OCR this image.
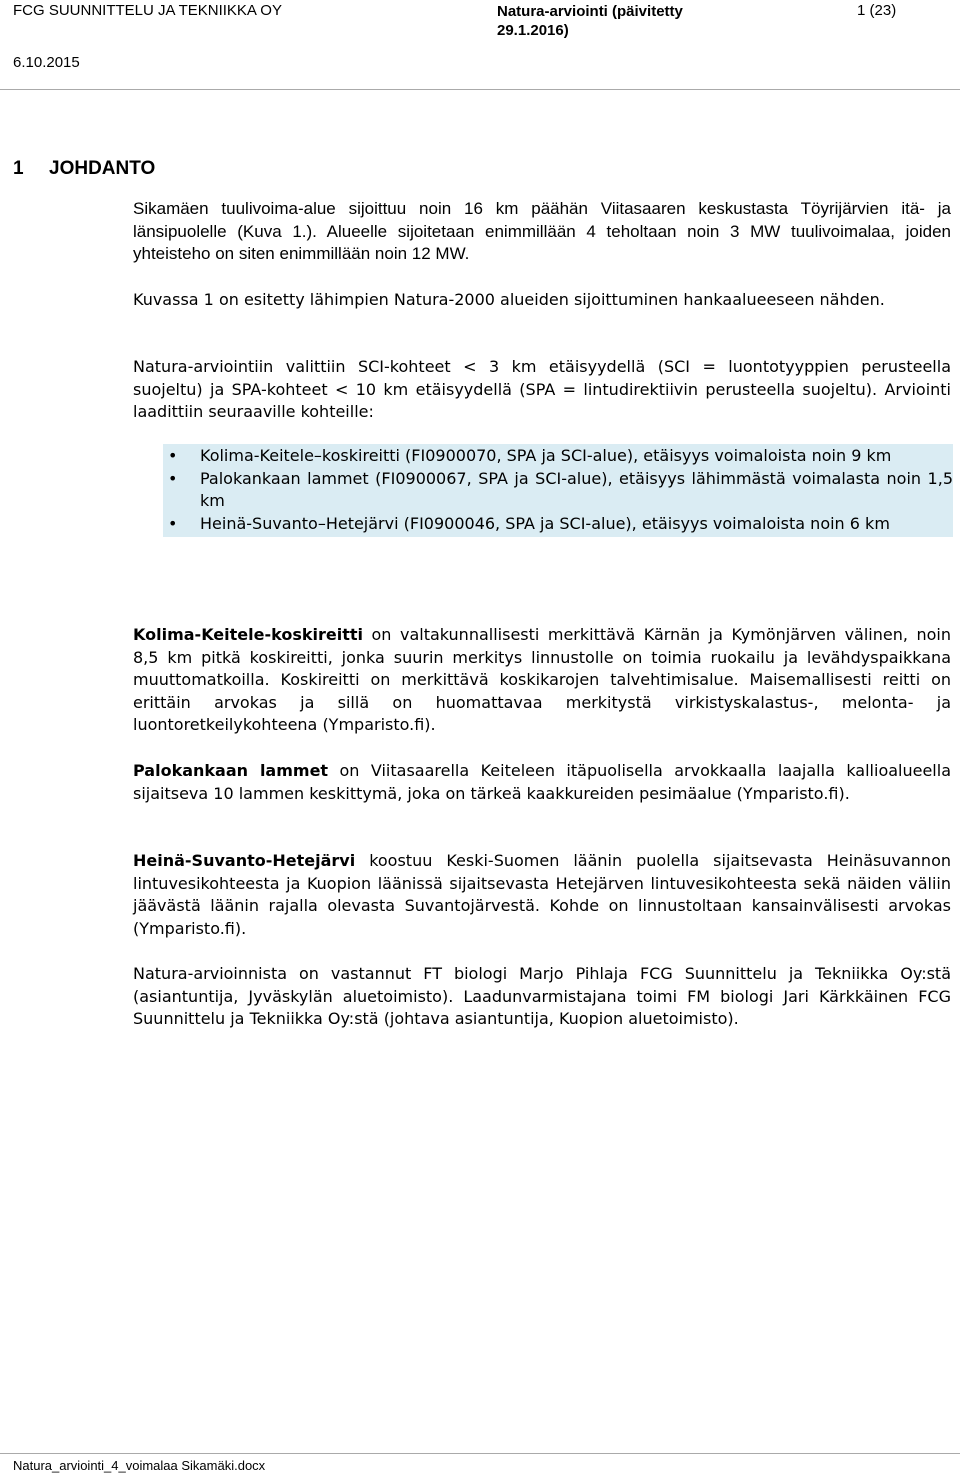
FCG SUUNNITTELU JA TEKNIIKKA OY	Natura-arviointi (päivitetty 29.1.2016)
1 (23)
6.10.2015
1 JOHDANTO
Sikamäen tuulivoima-alue sijoittuu noin 16 km päähän Viitasaaren keskustasta Töyrijärvien itä- ja länsipuolelle (Kuva 1.). Alueelle sijoitetaan enimmillään 4 teholtaan noin 3 MW tuulivoimalaa, joiden yhteisteho on siten enimmillään noin 12 MW.
Kuvassa 1 on esitetty lähimpien Natura-2000 alueiden sijoittuminen hankaalueeseen nähden.
Natura-arviointiin valittiin SCI-kohteet < 3 km etäisyydellä (SCI = luontotyyppien perusteella suojeltu) ja SPA-kohteet < 10 km etäisyydellä (SPA = lintudirektiivin perusteella suojeltu). Arviointi laadittiin seuraaville kohteille:
• Kolima-Keitele–koskireitti (FI0900070, SPA ja SCI-alue), etäisyys voimaloista noin 9 km
• Palokankaan lammet (FI0900067, SPA ja SCI-alue), etäisyys lähimmästä voimalasta noin 1,5 km
• Heinä-Suvanto–Hetejärvi (FI0900046, SPA ja SCI-alue), etäisyys voimaloista noin 6 km
Kolima-Keitele-koskireitti on valtakunnallisesti merkittävä Kärnän ja Kymönjärven välinen, noin 8,5 km pitkä koskireitti, jonka suurin merkitys linnustolle on toimia ruokailu ja levähdyspaikkana muuttomatkoilla. Koskireitti on merkittävä koskikarojen talvehtimisalue. Maisemallisesti reitti on erittäin arvokas ja sillä on huomattavaa merkitystä virkistyskalastus-, melonta- ja luontoretkeilykohteena (Ymparisto.fi).
Palokankaan lammet on Viitasaarella Keiteleen itäpuolisella arvokkaalla laajalla kallioalueella sijaitseva 10 lammen keskittymä, joka on tärkeä kaakkureiden pesimäalue (Ymparisto.fi).
Heinä-Suvanto-Hetejärvi koostuu Keski-Suomen läänin puolella sijaitsevasta Heinäsuvannon lintuvesikohteesta ja Kuopion läänissä sijaitsevasta Hetejärven lintuvesikohteesta sekä näiden väliin jäävästä läänin rajalla olevasta Suvantojärvestä. Kohde on linnustoltaan kansainvälisesti arvokas (Ymparisto.fi).
Natura-arvioinnista on vastannut FT biologi Marjo Pihlaja FCG Suunnittelu ja Tekniikka Oy:stä (asiantuntija, Jyväskylän aluetoimisto). Laadunvarmistajana toimi FM biologi Jari Kärkkäinen FCG Suunnittelu ja Tekniikka Oy:stä (johtava asiantuntija, Kuopion aluetoimisto).
Natura_arviointi_4_voimalaa Sikamäki.docx
